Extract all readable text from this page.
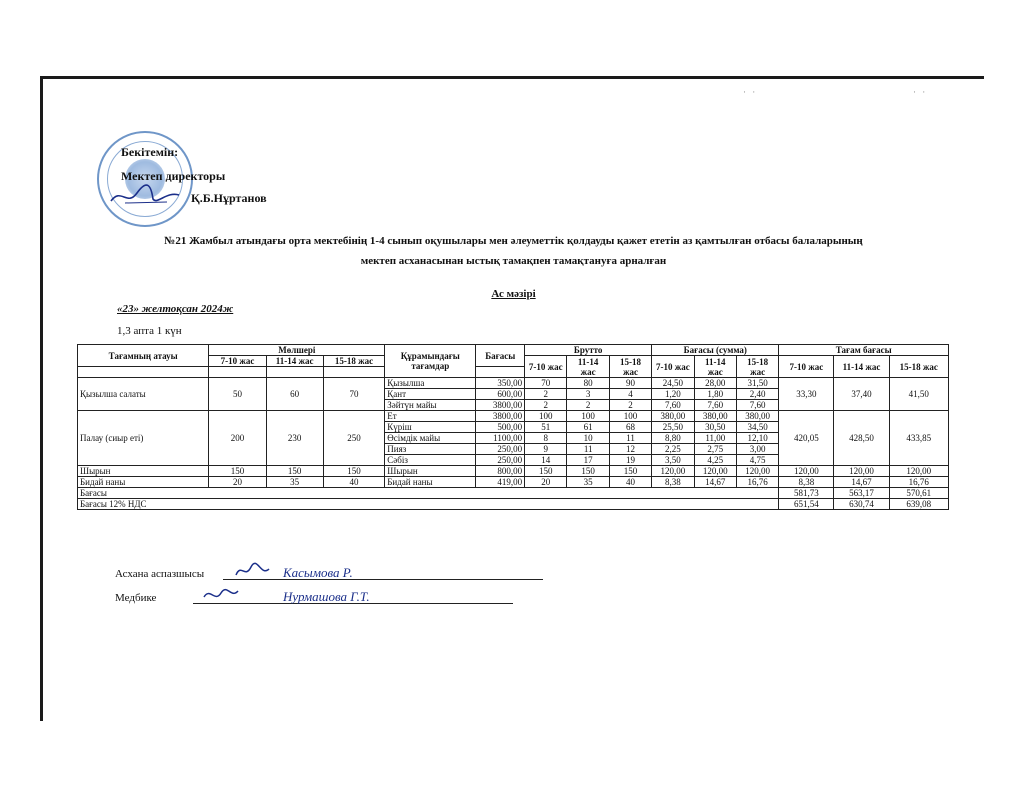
· ·	· ·
Бекітемін:
Мектеп директоры
Қ.Б.Нұртанов
№21 Жамбыл атындағы орта мектебінің 1-4 сынып оқушылары мен әлеуметтік қолдауды қажет ететін аз қамтылған отбасы балаларының
мектеп асханасынан ыстық тамақпен тамақтануға арналған
Ас мәзірі
«23» желтоқсан 2024ж
1,3 апта 1 күн
Тағамның атауы	Мөлшері			Құрамындағы тағамдар	Бағасы	Брутто			Бағасы (сумма)			Тағам бағасы		
	7-10 жас	11-14 жас	15-18 жас			7-10 жас	11-14 жас	15-18 жас	7-10 жас	11-14 жас	15-18 жас	7-10 жас	11-14 жас	15-18 жас

Қызылша салаты	50	60	70	Қызылша	350,00	70	80	90	24,50	28,00	31,50	33,30	37,40	41,50
				Қант	600,00	2	3	4	1,20	1,80	2,40			
				Зәйтүн майы	3800,00	2	2	2	7,60	7,60	7,60			
Палау (сиыр еті)	200	230	250	Ет	3800,00	100	100	100	380,00	380,00	380,00	420,05	428,50	433,85
				Күріш	500,00	51	61	68	25,50	30,50	34,50			
				Өсімдік майы	1100,00	8	10	11	8,80	11,00	12,10			
				Пияз	250,00	9	11	12	2,25	2,75	3,00			
				Сәбіз	250,00	14	17	19	3,50	4,25	4,75			
Шырын	150	150	150	Шырын	800,00	150	150	150	120,00	120,00	120,00	120,00	120,00	120,00
Бидай наны	20	35	40	Бидай наны	419,00	20	35	40	8,38	14,67	16,76	8,38	14,67	16,76
Бағасы												581,73	563,17	570,61
Бағасы 12% НДС												651,54	630,74	639,08
Асхана аспазшысы	Касымова Р.
Медбике	Нурмашова Г.Т.
